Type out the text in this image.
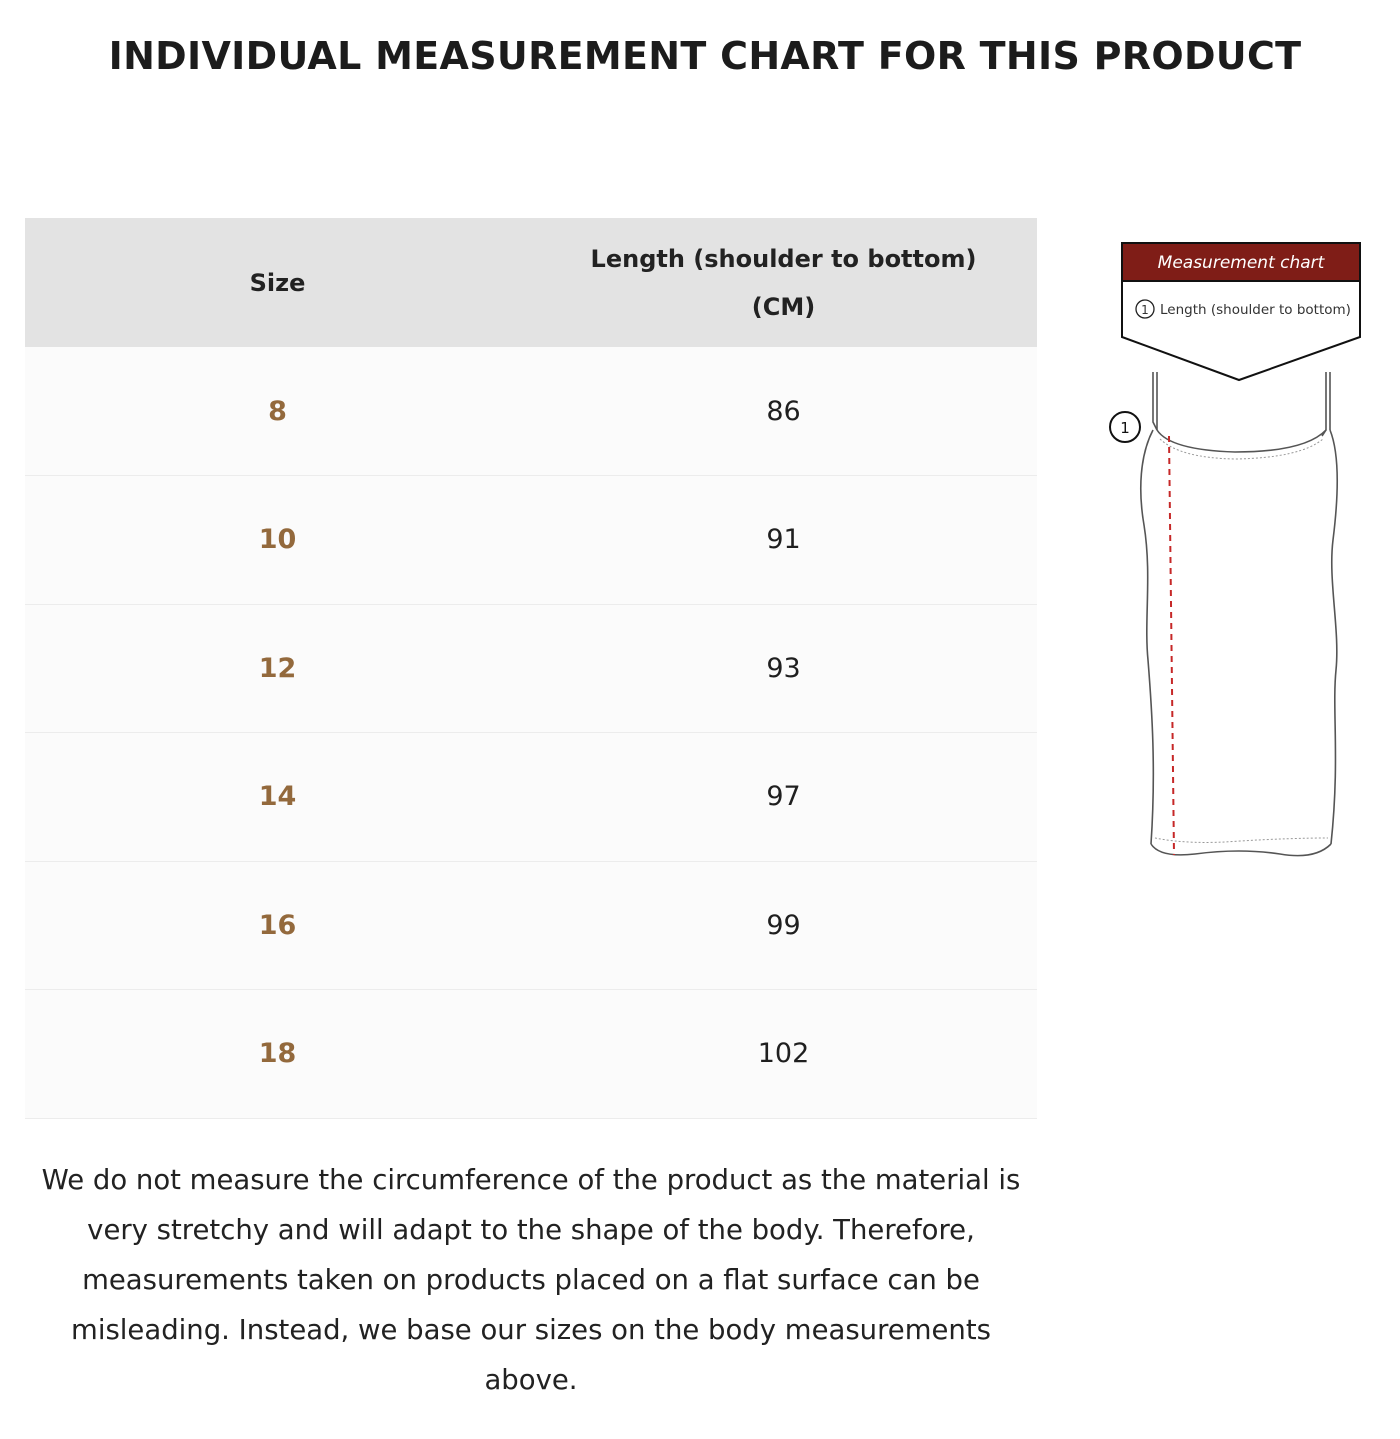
INDIVIDUAL MEASUREMENT CHART FOR THIS PRODUCT
Size	Length (shoulder to bottom)
(CM)
8	86
10	91
12	93
14	97
16	99
18	102

We do not measure the circumference of the product as the material is very stretchy and will adapt to the shape of the body. Therefore, measurements taken on products placed on a flat surface can be misleading. Instead, we base our sizes on the body measurements above.

Measurement chart
1 Length (shoulder to bottom)
1
